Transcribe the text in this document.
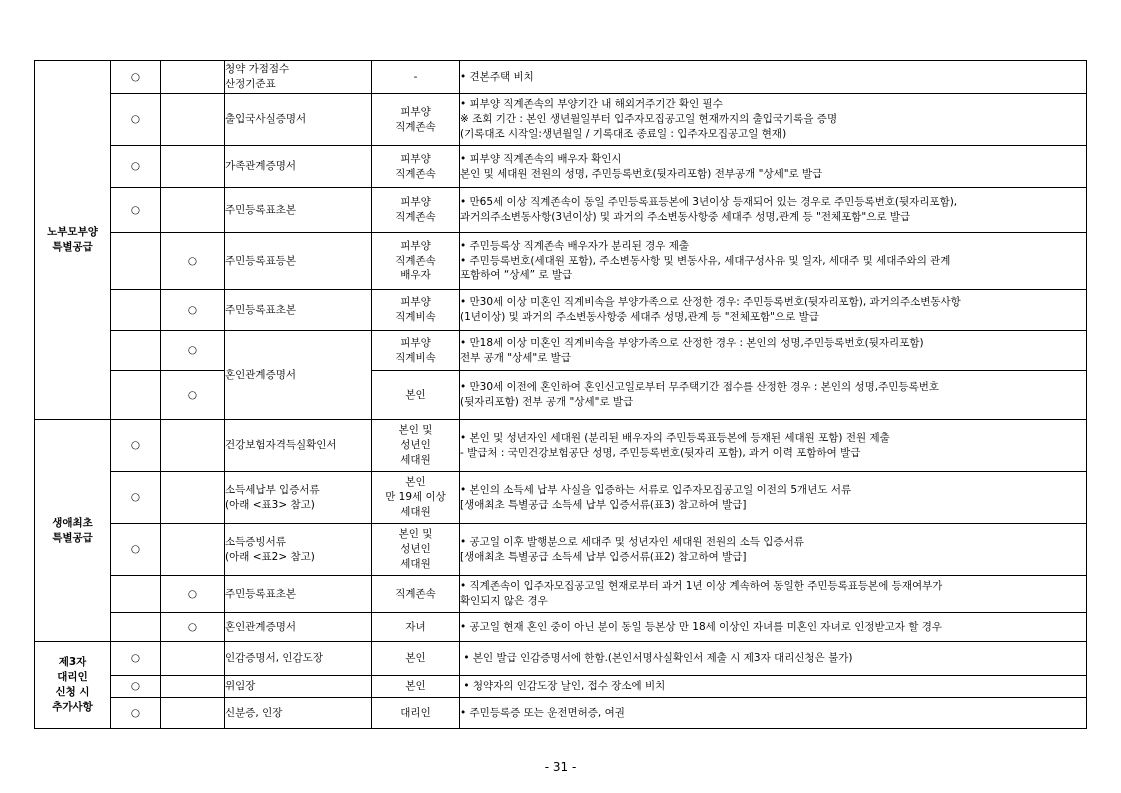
노부모부양
특별공급	○		청약 가점점수
산정기준표	-	• 견본주택 비치

	○		출입국사실증명서	피부양
직계존속	• 피부양 직계존속의 부양기간 내 해외거주기간 확인 필수
※ 조회 기간 : 본인 생년월일부터 입주자모집공고일 현재까지의 출입국기록을 증명
(기록대조 시작일:생년월일 / 기록대조 종료일 : 입주자모집공고일 현재)

	○		가족관계증명서	피부양
직계존속	• 피부양 직계존속의 배우자 확인시
본인 및 세대원 전원의 성명, 주민등록번호(뒷자리포함) 전부공개 "상세"로 발급

	○		주민등록표초본	피부양
직계존속	• 만65세 이상 직계존속이 동일 주민등록표등본에 3년이상 등재되어 있는 경우로 주민등록번호(뒷자리포함),
과거의주소변동사항(3년이상) 및 과거의 주소변동사항중 세대주 성명,관계 등 "전체포함"으로 발급

		○	주민등록표등본	피부양
직계존속
배우자	• 주민등록상 직계존속 배우자가 분리된 경우 제출
• 주민등록번호(세대원 포함), 주소변동사항 및 변동사유, 세대구성사유 및 일자, 세대주 및 세대주와의 관계
포함하여 “상세” 로 발급

		○	주민등록표초본	피부양
직계비속	• 만30세 이상 미혼인 직계비속을 부양가족으로 산정한 경우: 주민등록번호(뒷자리포함), 과거의주소변동사항
(1년이상) 및 과거의 주소변동사항중 세대주 성명,관계 등 "전체포함"으로 발급

		○	혼인관계증명서	피부양
직계비속	• 만18세 이상 미혼인 직계비속을 부양가족으로 산정한 경우 : 본인의 성명,주민등록번호(뒷자리포함)
전부 공개 "상세"로 발급

		○		본인	• 만30세 이전에 혼인하여 혼인신고일로부터 무주택기간 점수를 산정한 경우 : 본인의 성명,주민등록번호
(뒷자리포함) 전부 공개 "상세"로 발급

생애최초
특별공급	○		건강보험자격득실확인서	본인 및
성년인
세대원	• 본인 및 성년자인 세대원 (분리된 배우자의 주민등록표등본에 등재된 세대원 포함) 전원 제출
- 발급처 : 국민건강보험공단 성명, 주민등록번호(뒷자리 포함), 과거 이력 포함하여 발급

	○		소득세납부 입증서류
(아래 <표3> 참고)	본인
만 19세 이상
세대원	• 본인의 소득세 납부 사실을 입증하는 서류로 입주자모집공고일 이전의 5개년도 서류
[생애최초 특별공급 소득세 납부 입증서류(표3) 참고하여 발급]

	○		소득증빙서류
(아래 <표2> 참고)	본인 및
성년인
세대원	• 공고일 이후 발행분으로 세대주 및 성년자인 세대원 전원의 소득 입증서류
[생애최초 특별공급 소득세 납부 입증서류(표2) 참고하여 발급]

		○	주민등록표초본	직계존속	• 직계존속이 입주자모집공고일 현재로부터 과거 1년 이상 계속하여 동일한 주민등록표등본에 등재여부가
확인되지 않은 경우

		○	혼인관계증명서	자녀	• 공고일 현재 혼인 중이 아닌 분이 동일 등본상 만 18세 이상인 자녀를 미혼인 자녀로 인정받고자 할 경우

제3자
대리인
신청 시
추가사항	○		인감증명서, 인감도장	본인	• 본인 발급 인감증명서에 한함.(본인서명사실확인서 제출 시 제3자 대리신청은 불가)

	○		위임장	본인	• 청약자의 인감도장 날인, 접수 장소에 비치

	○		신분증, 인장	대리인	• 주민등록증 또는 운전면허증, 여권
- 31 -
